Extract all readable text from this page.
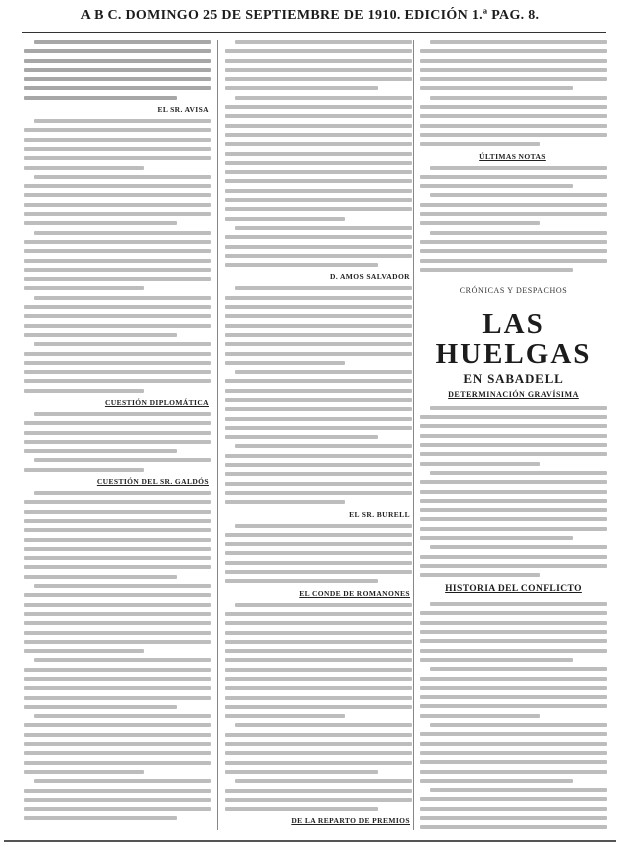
A B C. DOMINGO 25 DE SEPTIEMBRE DE 1910. EDICIÓN 1.ª PAG. 8.
EL SR. AVISA
CUESTIÓN DIPLOMÁTICA
CUESTIÓN DEL SR. GALDÓS
D. AMOS SALVADOR
EL SR. BURELL
EL CONDE DE ROMANONES
DE LA REPARTO DE PREMIOS
ÚLTIMAS NOTAS
CRÓNICAS Y DESPACHOS
LAS HUELGAS
EN SABADELL
DETERMINACIÓN GRAVÍSIMA
HISTORIA DEL CONFLICTO
